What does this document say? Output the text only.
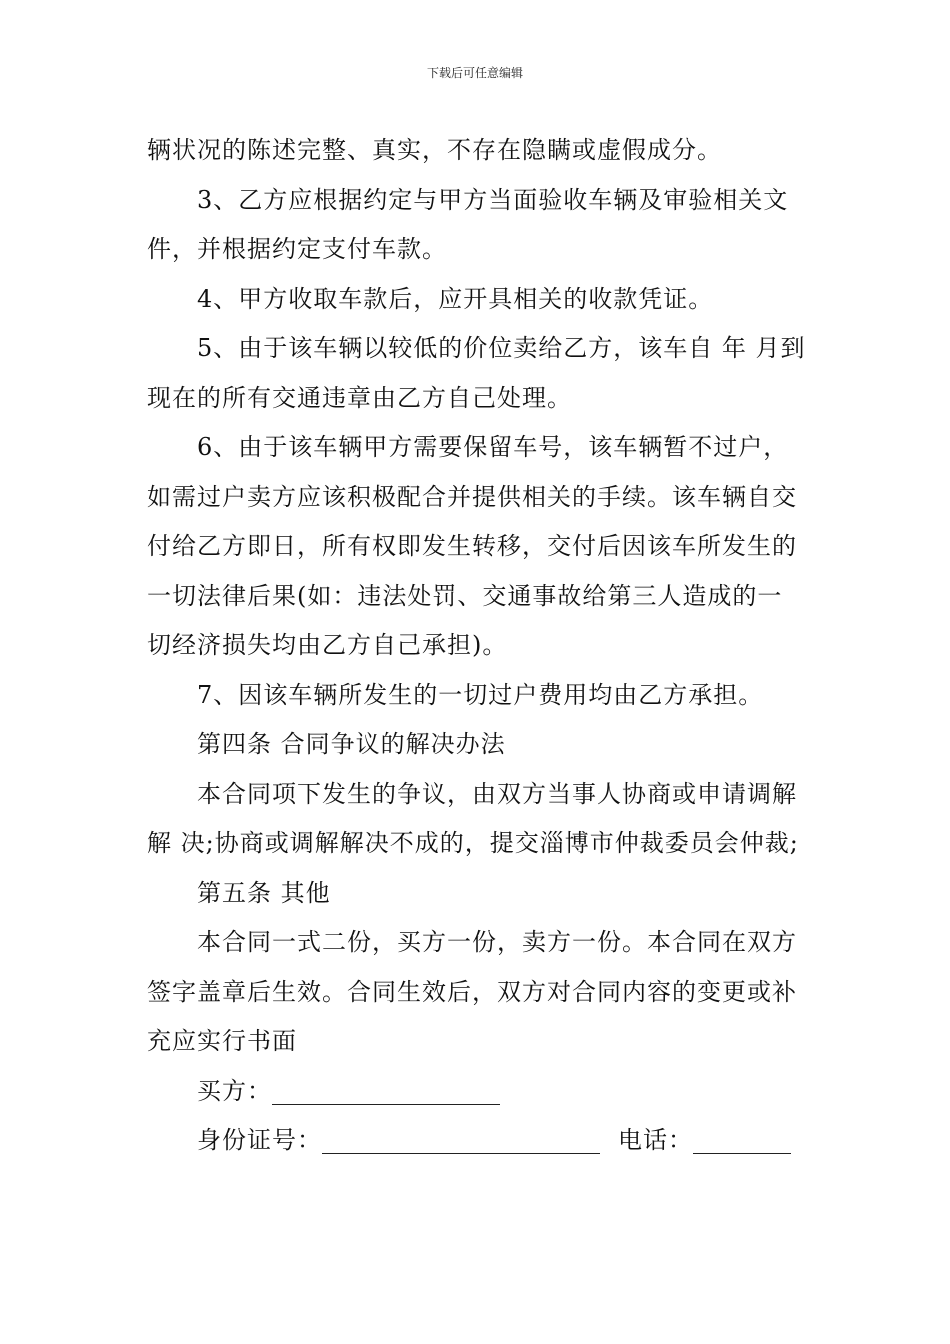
下载后可任意编辑

辆状况的陈述完整、真实，不存在隐瞒或虚假成分。

3、乙方应根据约定与甲方当面验收车辆及审验相关文件，并根据约定支付车款。

4、甲方收取车款后，应开具相关的收款凭证。

5、由于该车辆以较低的价位卖给乙方，该车自 年 月到现在的所有交通违章由乙方自己处理。

6、由于该车辆甲方需要保留车号，该车辆暂不过户，如需过户卖方应该积极配合并提供相关的手续。该车辆自交付给乙方即日，所有权即发生转移，交付后因该车所发生的一切法律后果(如：违法处罚、交通事故给第三人造成的一切经济损失均由乙方自己承担)。

7、因该车辆所发生的一切过户费用均由乙方承担。

第四条 合同争议的解决办法

本合同项下发生的争议，由双方当事人协商或申请调解解 决;协商或调解解决不成的，提交淄博市仲裁委员会仲裁;

第五条 其他

本合同一式二份，买方一份，卖方一份。本合同在双方签字盖章后生效。合同生效后，双方对合同内容的变更或补充应实行书面

买方：
身份证号：	电话：
